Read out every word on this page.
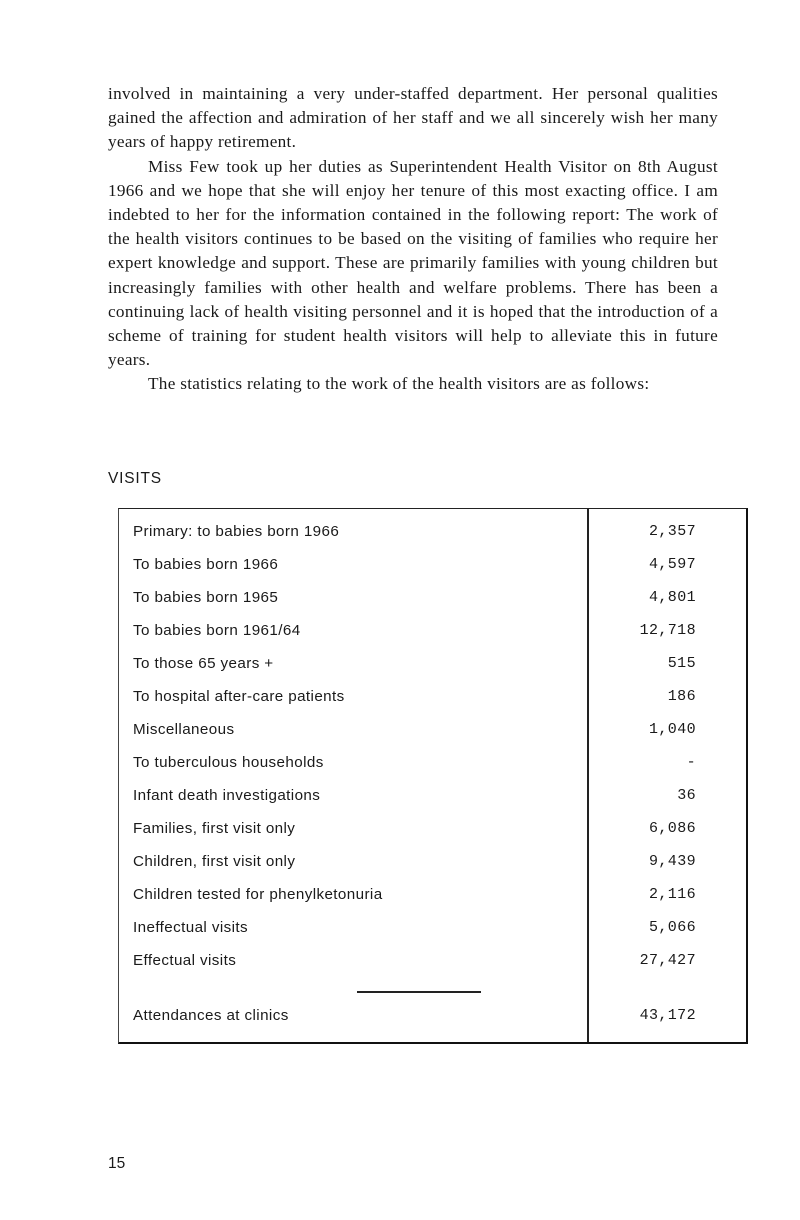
involved in maintaining a very under-staffed department. Her personal qualities gained the affection and admiration of her staff and we all sincerely wish her many years of happy retirement.

Miss Few took up her duties as Superintendent Health Visitor on 8th August 1966 and we hope that she will enjoy her tenure of this most exacting office. I am indebted to her for the information contained in the following report: The work of the health visitors continues to be based on the visiting of families who require her expert knowledge and support. These are primarily families with young children but increasingly families with other health and welfare problems. There has been a continuing lack of health visiting personnel and it is hoped that the introduction of a scheme of training for student health visitors will help to alleviate this in future years.

The statistics relating to the work of the health visitors are as follows:

VISITS
Primary: to babies born 1966	2,357
To babies born 1966	4,597
To babies born 1965	4,801
To babies born 1961/64	12,718
To those 65 years +	515
To hospital after-care patients	186
Miscellaneous	1,040
To tuberculous households	-
Infant death investigations	36
Families, first visit only	6,086
Children, first visit only	9,439
Children tested for phenylketonuria	2,116
Ineffectual visits	5,066
Effectual visits	27,427
Attendances at clinics	43,172
15
